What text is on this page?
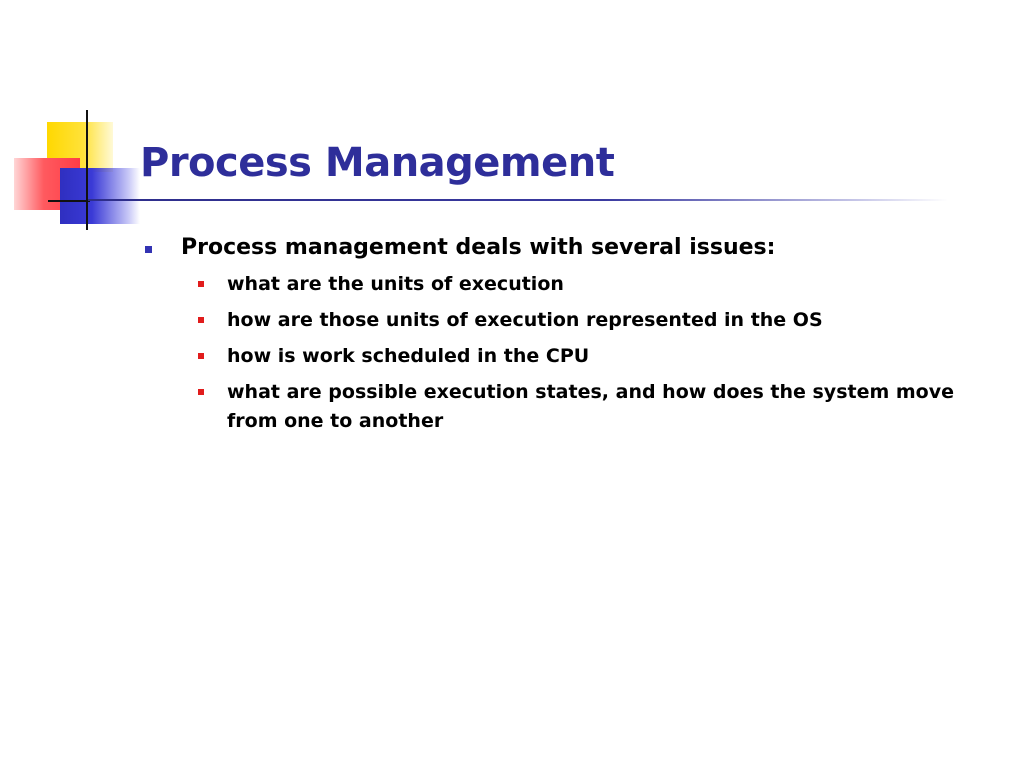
Process Management
Process management deals with several issues:
what are the units of execution
how are those units of execution represented in the OS
how is work scheduled in the CPU
what are possible execution states, and how does the system move from one to another
